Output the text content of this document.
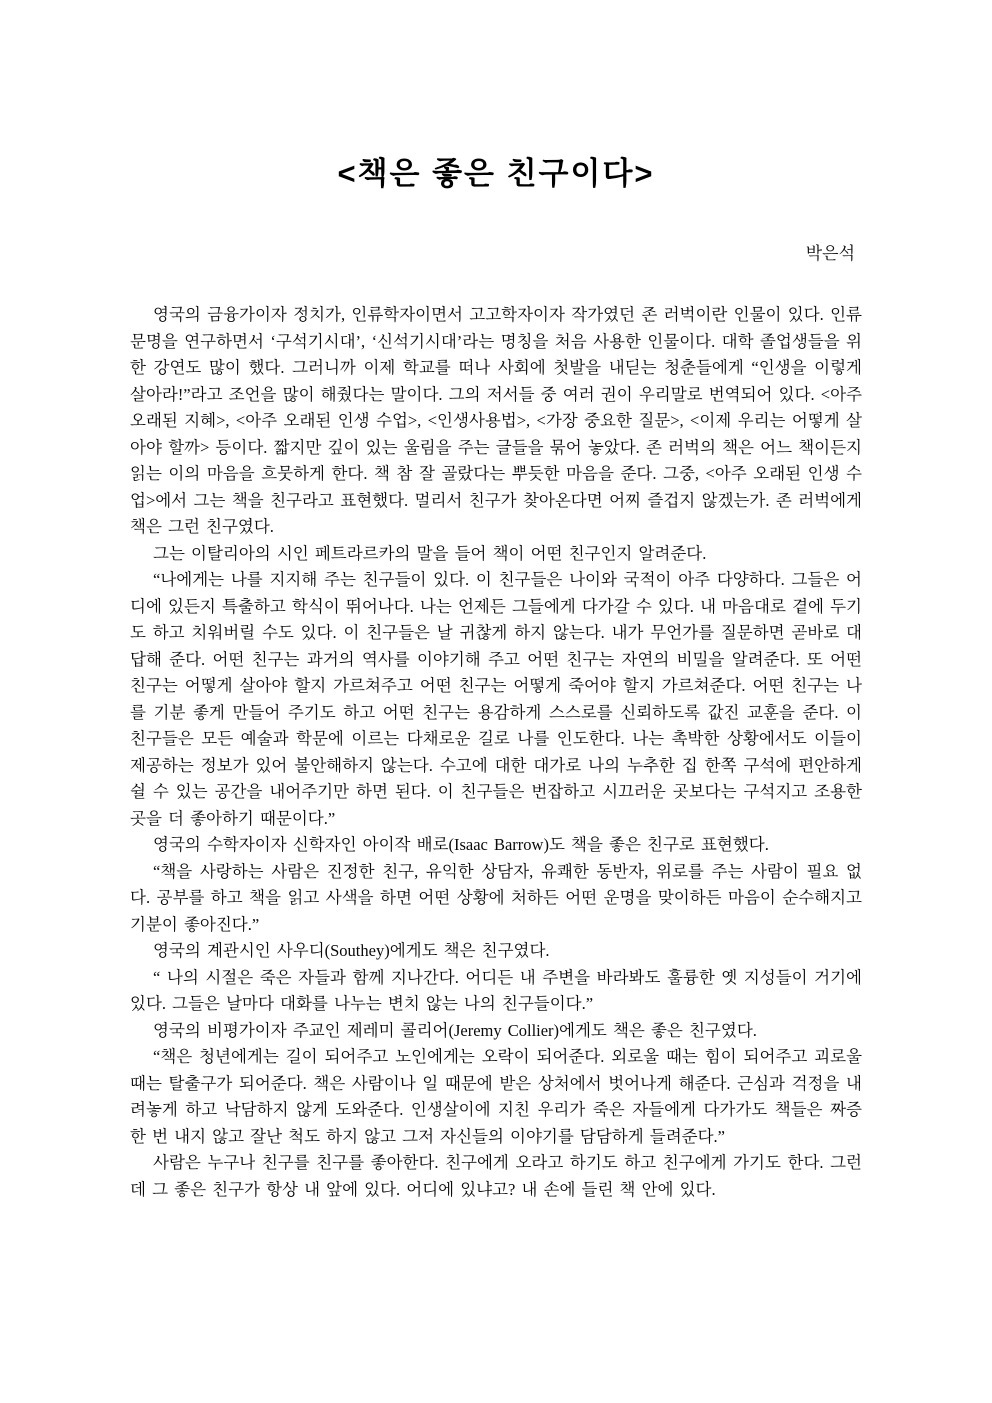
<책은 좋은 친구이다>
박은석

영국의 금융가이자 정치가, 인류학자이면서 고고학자이자 작가였던 존 러벅이란 인물이 있다. 인류 문명을 연구하면서 ‘구석기시대’, ‘신석기시대’라는 명칭을 처음 사용한 인물이다. 대학 졸업생들을 위한 강연도 많이 했다. 그러니까 이제 학교를 떠나 사회에 첫발을 내딛는 청춘들에게 “인생을 이렇게 살아라!”라고 조언을 많이 해줬다는 말이다. 그의 저서들 중 여러 권이 우리말로 번역되어 있다. <아주 오래된 지혜>, <아주 오래된 인생 수업>, <인생사용법>, <가장 중요한 질문>, <이제 우리는 어떻게 살아야 할까> 등이다. 짧지만 깊이 있는 울림을 주는 글들을 묶어 놓았다. 존 러벅의 책은 어느 책이든지 읽는 이의 마음을 흐뭇하게 한다. 책 참 잘 골랐다는 뿌듯한 마음을 준다. 그중, <아주 오래된 인생 수업>에서 그는 책을 친구라고 표현했다. 멀리서 친구가 찾아온다면 어찌 즐겁지 않겠는가. 존 러벅에게 책은 그런 친구였다.

그는 이탈리아의 시인 페트라르카의 말을 들어 책이 어떤 친구인지 알려준다.

“나에게는 나를 지지해 주는 친구들이 있다. 이 친구들은 나이와 국적이 아주 다양하다. 그들은 어디에 있든지 특출하고 학식이 뛰어나다. 나는 언제든 그들에게 다가갈 수 있다. 내 마음대로 곁에 두기도 하고 치워버릴 수도 있다. 이 친구들은 날 귀찮게 하지 않는다. 내가 무언가를 질문하면 곧바로 대답해 준다. 어떤 친구는 과거의 역사를 이야기해 주고 어떤 친구는 자연의 비밀을 알려준다. 또 어떤 친구는 어떻게 살아야 할지 가르쳐주고 어떤 친구는 어떻게 죽어야 할지 가르쳐준다. 어떤 친구는 나를 기분 좋게 만들어 주기도 하고 어떤 친구는 용감하게 스스로를 신뢰하도록 값진 교훈을 준다. 이 친구들은 모든 예술과 학문에 이르는 다채로운 길로 나를 인도한다. 나는 촉박한 상황에서도 이들이 제공하는 정보가 있어 불안해하지 않는다. 수고에 대한 대가로 나의 누추한 집 한쪽 구석에 편안하게 쉴 수 있는 공간을 내어주기만 하면 된다. 이 친구들은 번잡하고 시끄러운 곳보다는 구석지고 조용한 곳을 더 좋아하기 때문이다.”

영국의 수학자이자 신학자인 아이작 배로(Isaac Barrow)도 책을 좋은 친구로 표현했다.

“책을 사랑하는 사람은 진정한 친구, 유익한 상담자, 유쾌한 동반자, 위로를 주는 사람이 필요 없다. 공부를 하고 책을 읽고 사색을 하면 어떤 상황에 처하든 어떤 운명을 맞이하든 마음이 순수해지고 기분이 좋아진다.”

영국의 계관시인 사우디(Southey)에게도 책은 친구였다.

“ 나의 시절은 죽은 자들과 함께 지나간다. 어디든 내 주변을 바라봐도 훌륭한 옛 지성들이 거기에 있다. 그들은 날마다 대화를 나누는 변치 않는 나의 친구들이다.”

영국의 비평가이자 주교인 제레미 콜리어(Jeremy Collier)에게도 책은 좋은 친구였다.

“책은 청년에게는 길이 되어주고 노인에게는 오락이 되어준다. 외로울 때는 힘이 되어주고 괴로울 때는 탈출구가 되어준다. 책은 사람이나 일 때문에 받은 상처에서 벗어나게 해준다. 근심과 걱정을 내려놓게 하고 낙담하지 않게 도와준다. 인생살이에 지친 우리가 죽은 자들에게 다가가도 책들은 짜증 한 번 내지 않고 잘난 척도 하지 않고 그저 자신들의 이야기를 담담하게 들려준다.”

사람은 누구나 친구를 친구를 좋아한다. 친구에게 오라고 하기도 하고 친구에게 가기도 한다. 그런데 그 좋은 친구가 항상 내 앞에 있다. 어디에 있냐고? 내 손에 들린 책 안에 있다.
